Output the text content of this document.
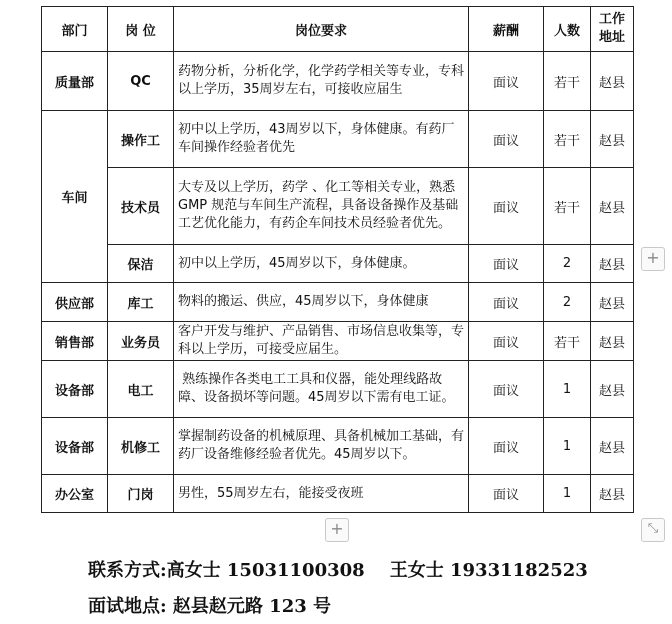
部门	岗 位	岗位要求	薪酬	人数	工作
地址
质量部	QC	药物分析，分析化学，化学药学相关等专业，专科以上学历，35周岁左右，可接收应届生	面议	若干	赵县
车间	操作工	初中以上学历，43周岁以下，身体健康。有药厂车间操作经验者优先	面议	若干	赵县
	技术员	大专及以上学历，药学 、化工等相关专业，熟悉 GMP 规范与车间生产流程，具备设备操作及基础工艺优化能力，有药企车间技术员经验者优先。	面议	若干	赵县
	保洁	初中以上学历，45周岁以下，身体健康。	面议	2	赵县
供应部	库工	物料的搬运、供应，45周岁以下，身体健康	面议	2	赵县
销售部	业务员	客户开发与维护、产品销售、市场信息收集等，专科以上学历，可接受应届生。	面议	若干	赵县
设备部	电工	熟练操作各类电工工具和仪器，能处理线路故障、设备损坏等问题。45周岁以下需有电工证。	面议	1	赵县
设备部	机修工	掌握制药设备的机械原理、具备机械加工基础，有药厂设备维修经验者优先。45周岁以下。	面议	1	赵县
办公室	门岗	男性，55周岁左右，能接受夜班	面议	1	赵县
+
+	⤡
联系方式:高女士 15031100308    王女士 19331182523
面试地点: 赵县赵元路 123 号
